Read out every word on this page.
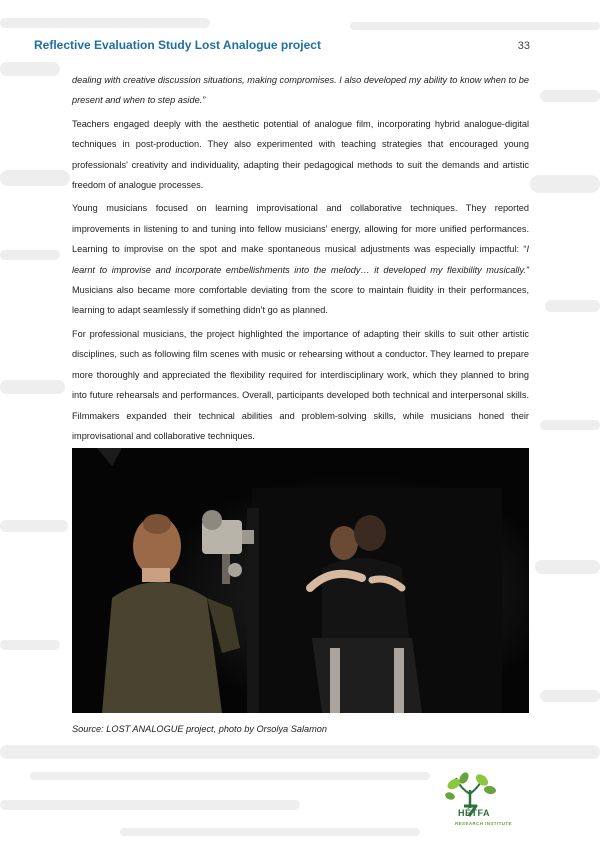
Reflective Evaluation Study Lost Analogue project	33

dealing with creative discussion situations, making compromises. I also developed my ability to know when to be present and when to step aside.”

Teachers engaged deeply with the aesthetic potential of analogue film, incorporating hybrid analogue-digital techniques in post-production. They also experimented with teaching strategies that encouraged young professionals' creativity and individuality, adapting their pedagogical methods to suit the demands and artistic freedom of analogue processes.

Young musicians focused on learning improvisational and collaborative techniques. They reported improvements in listening to and tuning into fellow musicians' energy, allowing for more unified performances. Learning to improvise on the spot and make spontaneous musical adjustments was especially impactful: “I learnt to improvise and incorporate embellishments into the melody… it developed my flexibility musically.” Musicians also became more comfortable deviating from the score to maintain fluidity in their performances, learning to adapt seamlessly if something didn’t go as planned.

For professional musicians, the project highlighted the importance of adapting their skills to suit other artistic disciplines, such as following film scenes with music or rehearsing without a conductor. They learned to prepare more thoroughly and appreciated the flexibility required for interdisciplinary work, which they planned to bring into future rehearsals and performances. Overall, participants developed both technical and interpersonal skills. Filmmakers expanded their technical abilities and problem-solving skills, while musicians honed their improvisational and collaborative techniques.

Source: LOST ANALOGUE project, photo by Orsolya Salamon
HÉTFA
RESEARCH INSTITUTE
